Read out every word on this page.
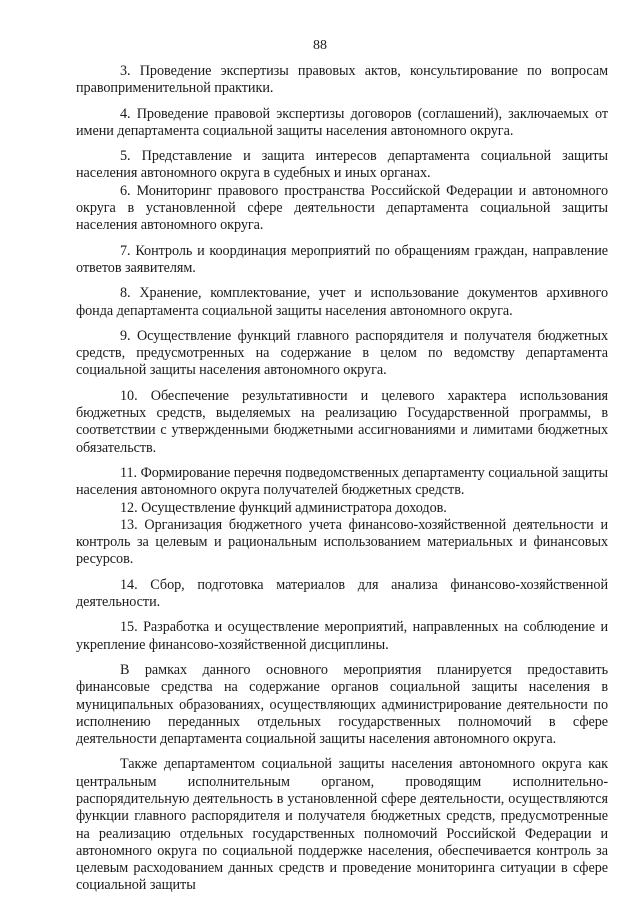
88

3. Проведение экспертизы правовых актов, консультирование по вопросам правоприменительной практики.

4. Проведение правовой экспертизы договоров (соглашений), заключаемых от имени департамента социальной защиты населения автономного округа.

5. Представление и защита интересов департамента социальной защиты населения автономного округа в судебных и иных органах.

6. Мониторинг правового пространства Российской Федерации и автономного округа в установленной сфере деятельности департамента социальной защиты населения автономного округа.

7. Контроль и координация мероприятий по обращениям граждан, направление ответов заявителям.

8. Хранение, комплектование, учет и использование документов архивного фонда департамента социальной защиты населения автономного округа.

9. Осуществление функций главного распорядителя и получателя бюджетных средств, предусмотренных на содержание в целом по ведомству департамента социальной защиты населения автономного округа.

10. Обеспечение результативности и целевого характера использования бюджетных средств, выделяемых на реализацию Государственной программы, в соответствии с утвержденными бюджетными ассигнованиями и лимитами бюджетных обязательств.

11. Формирование перечня подведомственных департаменту социальной защиты населения автономного округа получателей бюджетных средств.

12. Осуществление функций администратора доходов.

13. Организация бюджетного учета финансово-хозяйственной деятельности и контроль за целевым и рациональным использованием материальных и финансовых ресурсов.

14. Сбор, подготовка материалов для анализа финансово-хозяйственной деятельности.

15. Разработка и осуществление мероприятий, направленных на соблюдение и укрепление финансово-хозяйственной дисциплины.

В рамках данного основного мероприятия планируется предоставить финансовые средства на содержание органов социальной защиты населения в муниципальных образованиях, осуществляющих администрирование деятельности по исполнению переданных отдельных государственных полномочий в сфере деятельности департамента социальной защиты населения автономного округа.

Также департаментом социальной защиты населения автономного округа как центральным исполнительным органом, проводящим исполнительно-распорядительную деятельность в установленной сфере деятельности, осуществляются функции главного распорядителя и получателя бюджетных средств, предусмотренные на реализацию отдельных государственных полномочий Российской Федерации и автономного округа по социальной поддержке населения, обеспечивается контроль за целевым расходованием данных средств и проведение мониторинга ситуации в сфере социальной защиты
